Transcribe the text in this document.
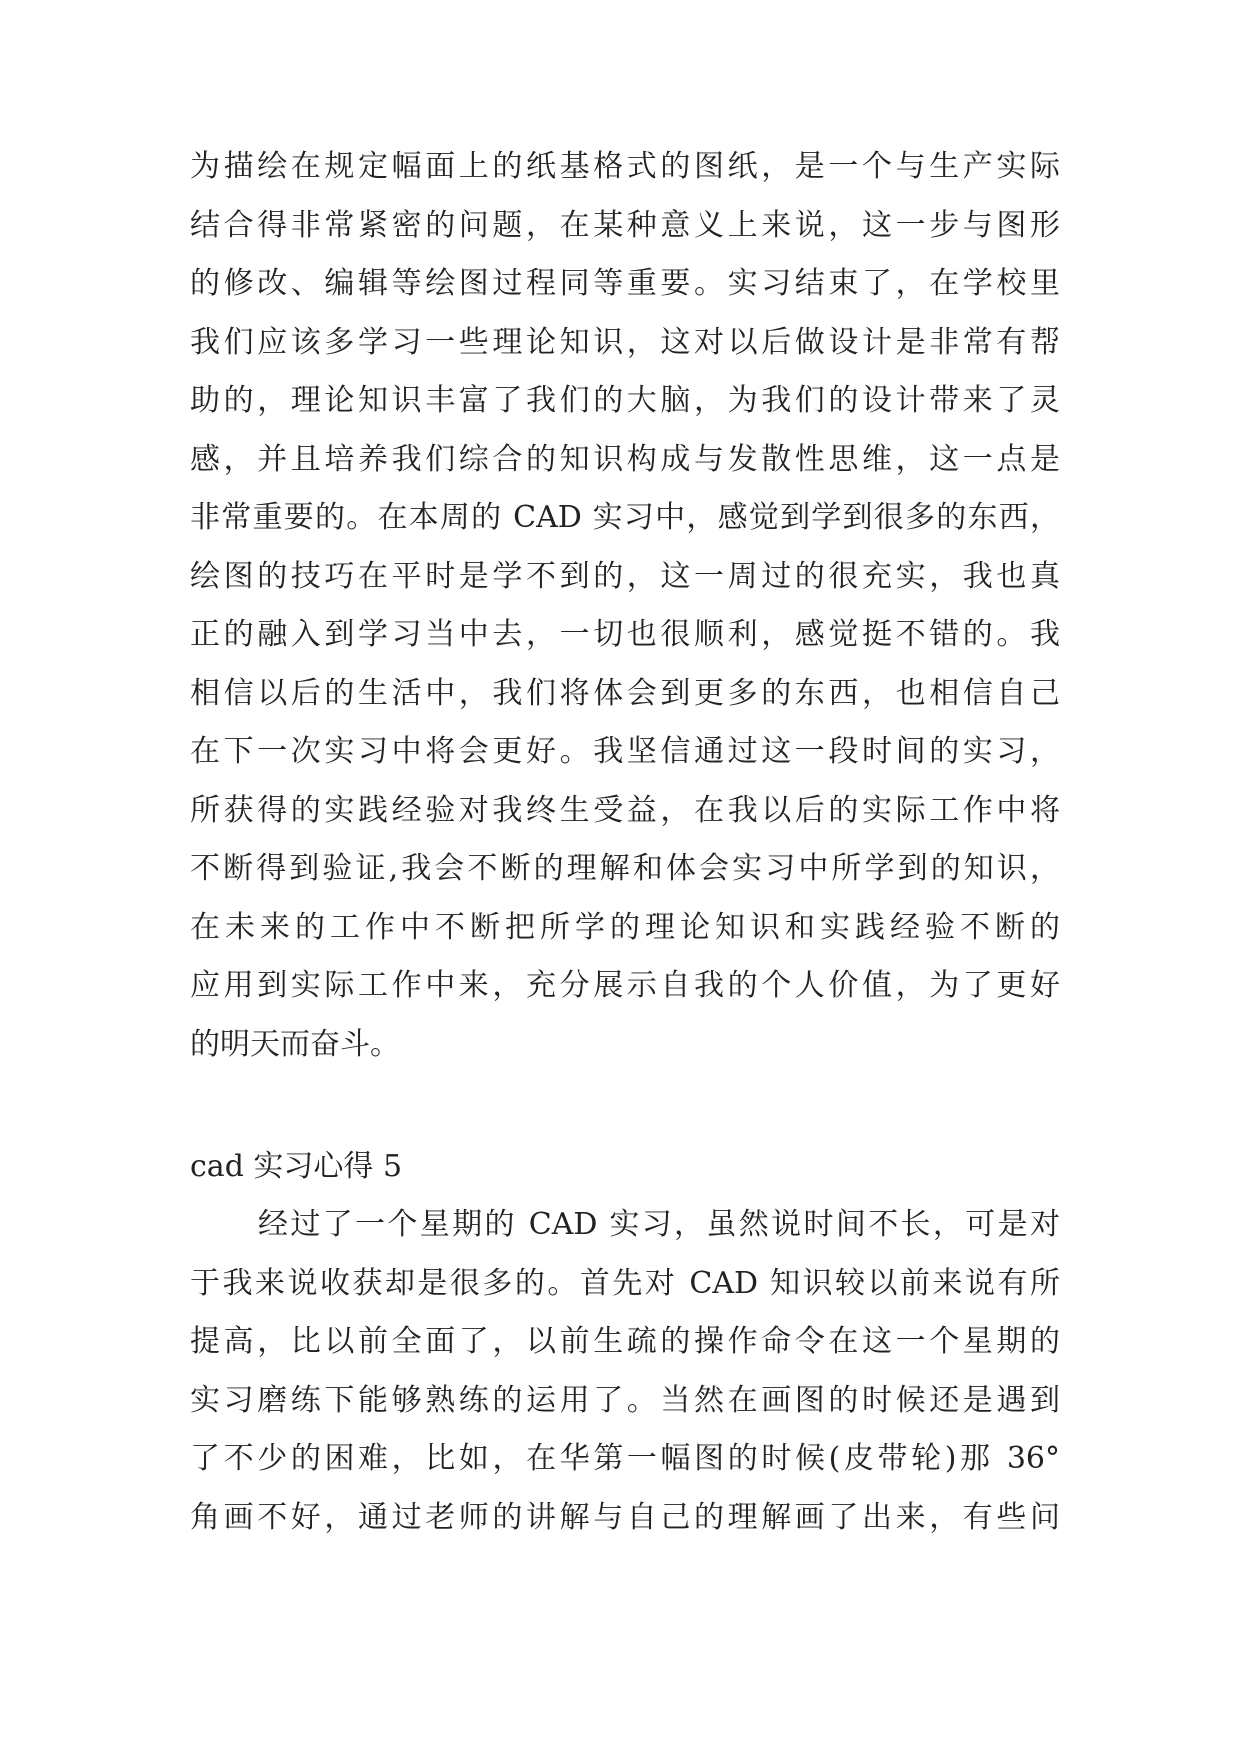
为描绘在规定幅面上的纸基格式的图纸，是一个与生产实际
结合得非常紧密的问题，在某种意义上来说，这一步与图形
的修改、编辑等绘图过程同等重要。实习结束了，在学校里
我们应该多学习一些理论知识，这对以后做设计是非常有帮
助的，理论知识丰富了我们的大脑，为我们的设计带来了灵
感，并且培养我们综合的知识构成与发散性思维，这一点是
非常重要的。在本周的 CAD 实习中，感觉到学到很多的东西，
绘图的技巧在平时是学不到的，这一周过的很充实，我也真
正的融入到学习当中去，一切也很顺利，感觉挺不错的。我
相信以后的生活中，我们将体会到更多的东西，也相信自己
在下一次实习中将会更好。我坚信通过这一段时间的实习，
所获得的实践经验对我终生受益，在我以后的实际工作中将
不断得到验证,我会不断的理解和体会实习中所学到的知识，
在未来的工作中不断把所学的理论知识和实践经验不断的
应用到实际工作中来，充分展示自我的个人价值，为了更好
的明天而奋斗。
cad 实习心得 5
经过了一个星期的 CAD 实习，虽然说时间不长，可是对
于我来说收获却是很多的。首先对 CAD 知识较以前来说有所
提高，比以前全面了，以前生疏的操作命令在这一个星期的
实习磨练下能够熟练的运用了。当然在画图的时候还是遇到
了不少的困难，比如，在华第一幅图的时候(皮带轮)那 36°
角画不好，通过老师的讲解与自己的理解画了出来，有些问
